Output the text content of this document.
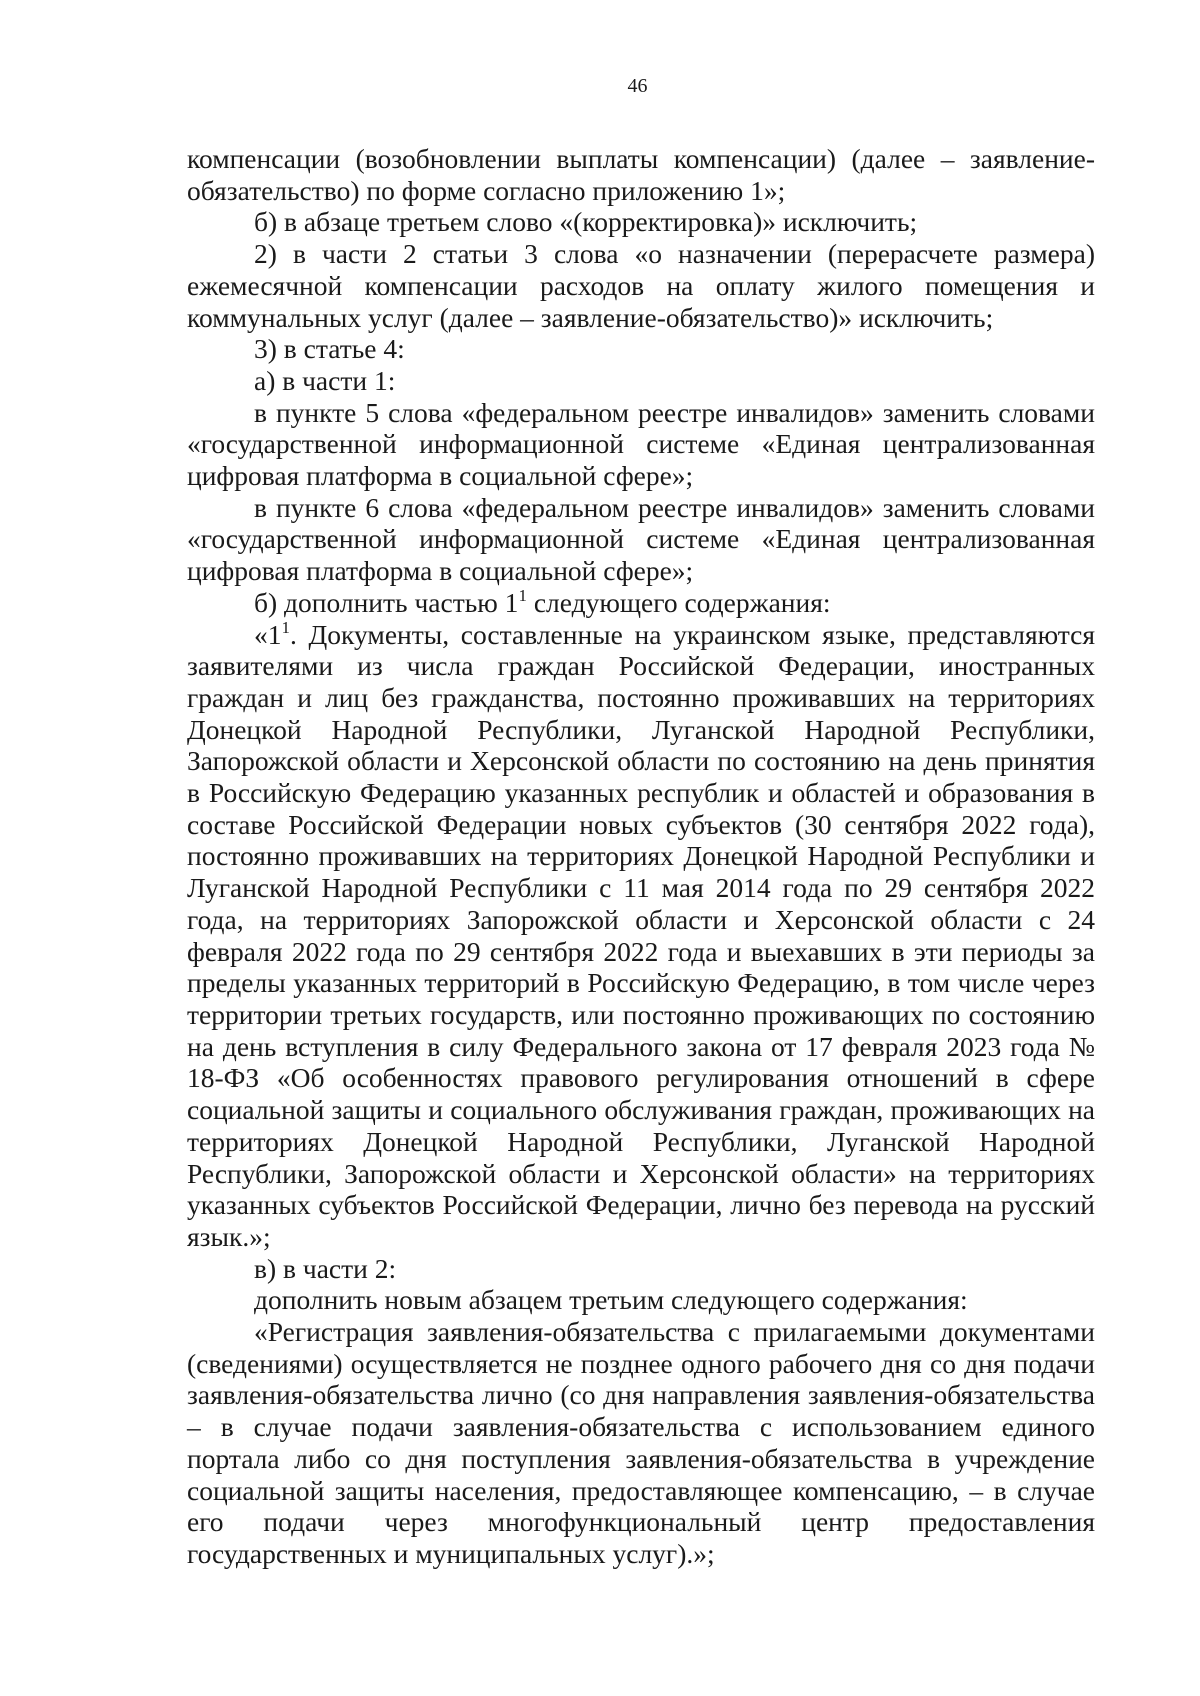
46

компенсации (возобновлении выплаты компенсации) (далее – заявление-обязательство) по форме согласно приложению 1»;

б) в абзаце третьем слово «(корректировка)» исключить;

2) в части 2 статьи 3 слова «о назначении (перерасчете размера) ежемесячной компенсации расходов на оплату жилого помещения и коммунальных услуг (далее – заявление-обязательство)» исключить;

3) в статье 4:

а) в части 1:

в пункте 5 слова «федеральном реестре инвалидов» заменить словами «государственной информационной системе «Единая централизованная цифровая платформа в социальной сфере»;

в пункте 6 слова «федеральном реестре инвалидов» заменить словами «государственной информационной системе «Единая централизованная цифровая платформа в социальной сфере»;

б) дополнить частью $1^1$ следующего содержания:

«$1^1$. Документы, составленные на украинском языке, представляются заявителями из числа граждан Российской Федерации, иностранных граждан и лиц без гражданства, постоянно проживавших на территориях Донецкой Народной Республики, Луганской Народной Республики, Запорожской области и Херсонской области по состоянию на день принятия в Российскую Федерацию указанных республик и областей и образования в составе Российской Федерации новых субъектов (30 сентября 2022 года), постоянно проживавших на территориях Донецкой Народной Республики и Луганской Народной Республики с 11 мая 2014 года по 29 сентября 2022 года, на территориях Запорожской области и Херсонской области с 24 февраля 2022 года по 29 сентября 2022 года и выехавших в эти периоды за пределы указанных территорий в Российскую Федерацию, в том числе через территории третьих государств, или постоянно проживающих по состоянию на день вступления в силу Федерального закона от 17 февраля 2023 года № 18-ФЗ «Об особенностях правового регулирования отношений в сфере социальной защиты и социального обслуживания граждан, проживающих на территориях Донецкой Народной Республики, Луганской Народной Республики, Запорожской области и Херсонской области» на территориях указанных субъектов Российской Федерации, лично без перевода на русский язык.»;

в) в части 2:

дополнить новым абзацем третьим следующего содержания:

«Регистрация заявления-обязательства с прилагаемыми документами (сведениями) осуществляется не позднее одного рабочего дня со дня подачи заявления-обязательства лично (со дня направления заявления-обязательства – в случае подачи заявления-обязательства с использованием единого портала либо со дня поступления заявления-обязательства в учреждение социальной защиты населения, предоставляющее компенсацию, – в случае его подачи через многофункциональный центр предоставления государственных и муниципальных услуг).»;
